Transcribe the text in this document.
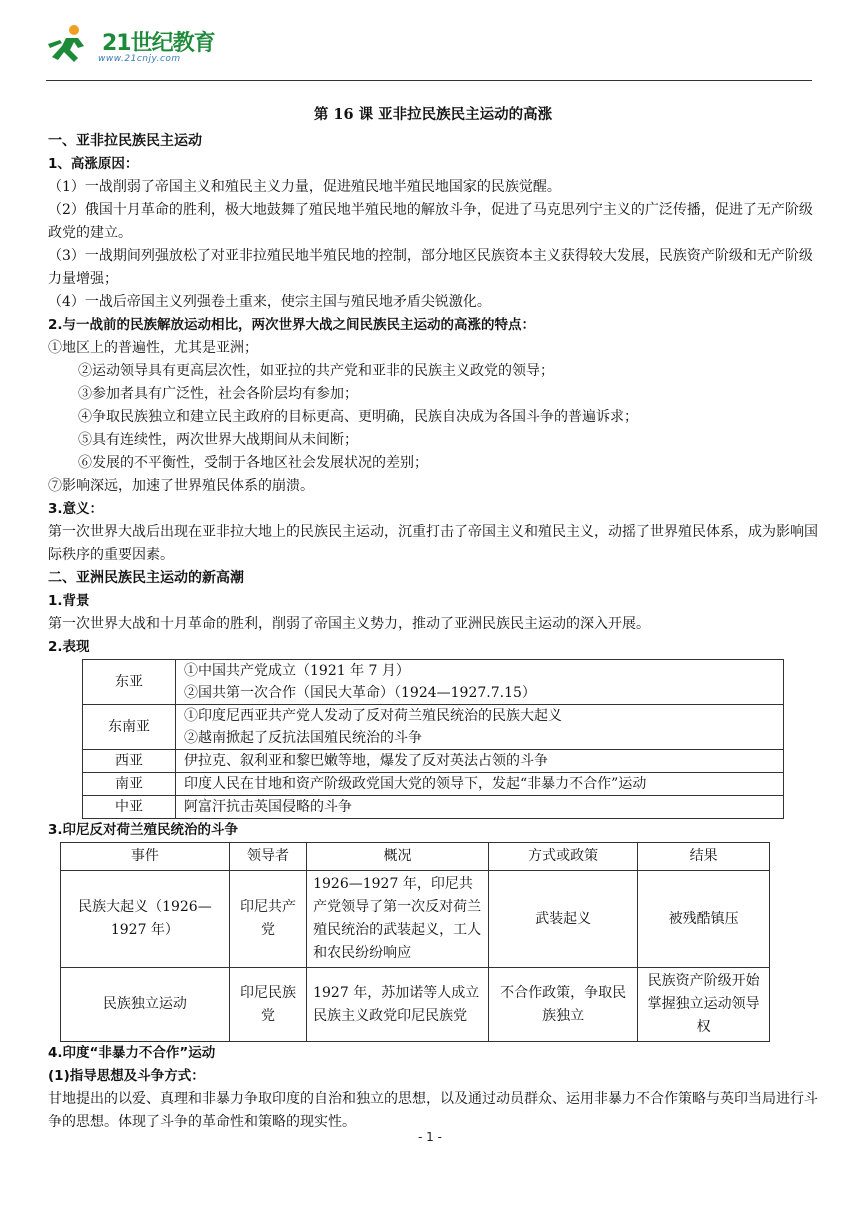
21世纪教育
www.21cnjy.com
第 16 课 亚非拉民族民主运动的高涨
一、亚非拉民族民主运动
1、高涨原因：
（1）一战削弱了帝国主义和殖民主义力量，促进殖民地半殖民地国家的民族觉醒。
（2）俄国十月革命的胜利，极大地鼓舞了殖民地半殖民地的解放斗争，促进了马克思列宁主义的广泛传播，促进了无产阶级政党的建立。
（3）一战期间列强放松了对亚非拉殖民地半殖民地的控制，部分地区民族资本主义获得较大发展，民族资产阶级和无产阶级力量增强；
（4）一战后帝国主义列强卷土重来，使宗主国与殖民地矛盾尖锐激化。
2.与一战前的民族解放运动相比，两次世界大战之间民族民主运动的高涨的特点：
①地区上的普遍性，尤其是亚洲；
②运动领导具有更高层次性，如亚拉的共产党和亚非的民族主义政党的领导；
③参加者具有广泛性，社会各阶层均有参加；
④争取民族独立和建立民主政府的目标更高、更明确，民族自决成为各国斗争的普遍诉求；
⑤具有连续性，两次世界大战期间从未间断；
⑥发展的不平衡性，受制于各地区社会发展状况的差别；
⑦影响深远，加速了世界殖民体系的崩溃。
3.意义：
第一次世界大战后出现在亚非拉大地上的民族民主运动，沉重打击了帝国主义和殖民主义，动摇了世界殖民体系，成为影响国际秩序的重要因素。
二、亚洲民族民主运动的新高潮
1.背景
第一次世界大战和十月革命的胜利，削弱了帝国主义势力，推动了亚洲民族民主运动的深入开展。
2.表现
东亚	①中国共产党成立（1921 年 7 月）
②国共第一次合作（国民大革命）（1924—1927.7.15）

东南亚	①印度尼西亚共产党人发动了反对荷兰殖民统治的民族大起义
②越南掀起了反抗法国殖民统治的斗争

西亚	伊拉克、叙利亚和黎巴嫩等地，爆发了反对英法占领的斗争
南亚	印度人民在甘地和资产阶级政党国大党的领导下，发起“非暴力不合作”运动
中亚	阿富汗抗击英国侵略的斗争
3.印尼反对荷兰殖民统治的斗争
事件	领导者	概况	方式或政策	结果
民族大起义（1926—1927 年）	印尼共产党	1926—1927 年，印尼共产党领导了第一次反对荷兰殖民统治的武装起义，工人和农民纷纷响应	武装起义	被残酷镇压
民族独立运动	印尼民族党	1927 年，苏加诺等人成立民族主义政党印尼民族党	不合作政策，争取民族独立	民族资产阶级开始掌握独立运动领导权
4.印度“非暴力不合作”运动
(1)指导思想及斗争方式：
甘地提出的以爱、真理和非暴力争取印度的自治和独立的思想，以及通过动员群众、运用非暴力不合作策略与英印当局进行斗争的思想。体现了斗争的革命性和策略的现实性。
- 1 -
